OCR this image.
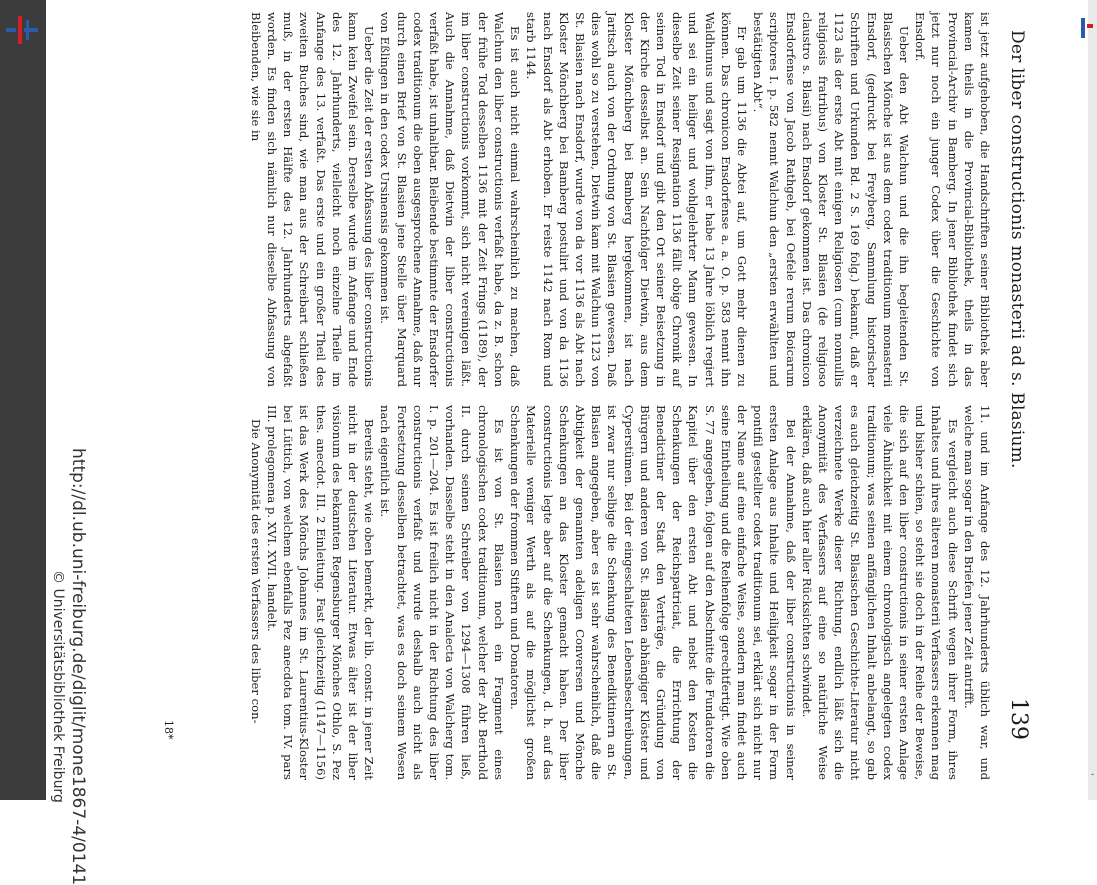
‑
Der liber constructionis monasterii ad s. Blasium.
139

ist jetzt aufgehoben, die Handschriften seiner Bibliothek aber kamen theils in die Provincial-Bibliothek, theils in das Provincial-Archiv in Bamberg. In jener Bibliothek findet sich jetzt nur noch ein junger Codex über die Geschichte von Ensdorf.

Ueber den Abt Walchun und die ihn begleitenden St. Blasischen Mönche ist aus dem codex traditionum monasterii Ensdorf, (gedruckt bei Freyberg, Sammlung historischer Schriften und Urkunden Bd. 2 S. 169 folg.) bekannt, daß er 1123 als der erste Abt mit einigen Religiosen (cum nonnullis religiosis fratribus) von Kloster St. Blasien (de religioso claustro s. Blasii) nach Ensdorf gekommen ist. Das chronicon Ensdorfense von Jacob Rathgeb, bei Oefele rerum Boicarum scriptores I. p. 582 nennt Walchun den „ersten erwählten und bestätigten Abt“.

Er gab um 1136 die Abtei auf, um Gott mehr dienen zu können. Das chronicon Ensdorfense a. a. O. p. 583 nennt ihn Waldhunus und sagt von ihm, er habe 13 Jahre löblich regiert und sei ein heiliger und wohlgelehrter Mann gewesen. In dieselbe Zeit seiner Resignation 1136 fällt obige Chronik auf seinen Tod in Ensdorf und gibt den Ort seiner Beisetzung in der Kirche desselbst an. Sein Nachfolger Dietwin, aus dem Kloster Mönchberg bei Bamberg hergekommen, ist nach Jaritsch auch von der Ordnung von St. Blasien gewesen. Daß dies wohl so zu verstehen, Dietwin kam mit Walchun 1123 von St. Blasien nach Ensdorf, wurde von da vor 1136 als Abt nach Kloster Mönchberg bei Bamberg postulirt und von da 1136 nach Ensdorf als Abt erhoben. Er reiste 1142 nach Rom und starb 1144.

Es ist auch nicht einmal wahrscheinlich zu machen, daß Walchun den liber constructionis verfaßt habe, da z. B. schon der frühe Tod desselben 1136 mit der Zeit Frings (1189), der im liber constructionis vorkommt, sich nicht vereinigen läßt. Auch die Annahme, daß Dietwin der liber constructionis verfaßt habe, ist unhaltbar. Bleibende bestimmte der Ensdorfer codex traditionum die oben ausgesprochene Annahme, daß nur durch einen Brief von St. Blasien jene Stelle über Marquard von Eßlingen in den codex Ursinensis gekommen ist.

Ueber die Zeit der ersten Abfassung des liber constructionis kann kein Zweifel sein. Derselbe wurde im Anfange und Ende des 12. Jahrhunderts, vielleicht noch einzelne Theile im Anfange des 13. verfaßt. Das erste und ein großer Theil des zweiten Buches sind, wie man aus der Schreibart schließen muß, in der ersten Hälfte des 12. Jahrhunderts abgefaßt worden. Es finden sich nämlich nur dieselbe Abfassung von Bleibenden, wie sie in

11. und im Anfange des 12. Jahrhunderts üblich war, und welche man sogar in den Briefen jener Zeit antrifft.

Es vergleicht auch diese Schrift wegen ihrer Form, ihres Inhaltes und ihres älteren monasterii Verfassers erkennen mag und bisher schien, so steht sie doch in der Reihe der Beweise, die sich auf den liber constructionis in seiner ersten Anlage viele Ähnlichkeit mit einem chronologisch angelegten codex traditionum; was seinen anfänglichen Inhalt anbelangt, so gab es auch gleichzeitig St. Blasischen Geschichte-Literatur nicht verzeichnete Werke dieser Richtung, endlich läßt sich die Anonymität des Verfassers auf eine so natürliche Weise erklären, daß auch hier aller Rücksichten schwindet.

Bei der Annahme, daß der liber constructionis in seiner ersten Anlage aus Inhalte und Heiligkeit sogar in der Form pontifil gestellter codex traditionum sei, erklärt sich nicht nur der Name auf eine einfache Weise, sondern man findet auch seine Eintheilung und die Reihenfolge gerechtfertigt. Wie oben S. 77 angegeben, folgen auf den Abschnitte die Fundatoren die Kapitel über den ersten Abt und nebst den Kosten die Schenkungen der Reichspatriciat, die Errichtung der Benedictiner der Stadt den Verträge, die Gründung von Bürgern und anderen von St. Blasien abhängiger Klöster und Cyperstümen. Bei der eingeschalteten Lebensbeschreibungen, ist zwar nur selbige die Schenkung des Benediktinern an St. Blasien angegeben, aber es ist sehr wahrscheinlich, daß die Abtigkeit der genannten adeligen Conversen und Mönche Schenkungen an das Kloster gemacht haben. Der liber constructionis legte aber auf die Schenkungen, d. h. auf das Materielle weniger Werth als auf die möglichst großen Schenkungen der frommen Stiftern und Donatoren.

Es ist von St. Blasien noch ein Fragment eines chronologischen codex traditionum, welcher der Abt Berthold II. durch seinen Schreiber von 1294—1308 führen ließ, vorhanden. Dasselbe steht in den Analecta von Walcherg tom. I. p. 201—204. Es ist freilich nicht in der Richtung des liber constructionis verfaßt und wurde deshalb auch nicht als Fortsetzung desselben betrachtet, was es doch seinem Wesen nach eigentlich ist.

Bereits steht, wie oben bemerkt, der lib. constr. in jener Zeit nicht in der deutschen Literatur. Etwas älter ist der liber visionum des bekannten Regensburger Mönches Othlo, S. Pez thes. anecdot. III. 2 Einleitung. Fast gleichzeitig (1147—1156) ist das Werk des Mönchs Johannes im St. Laurentius-Kloster bei Lüttich, von welchem ebenfalls Pez anecdota tom. IV. pars III. prolegomena p. XVI. XVII. handelt.

Die Anonymität des ersten Verfassers des liber con-

18*
http://dl.ub.uni-freiburg.de/diglit/mone1867-4/0141
© Universitätsbibliothek Freiburg
